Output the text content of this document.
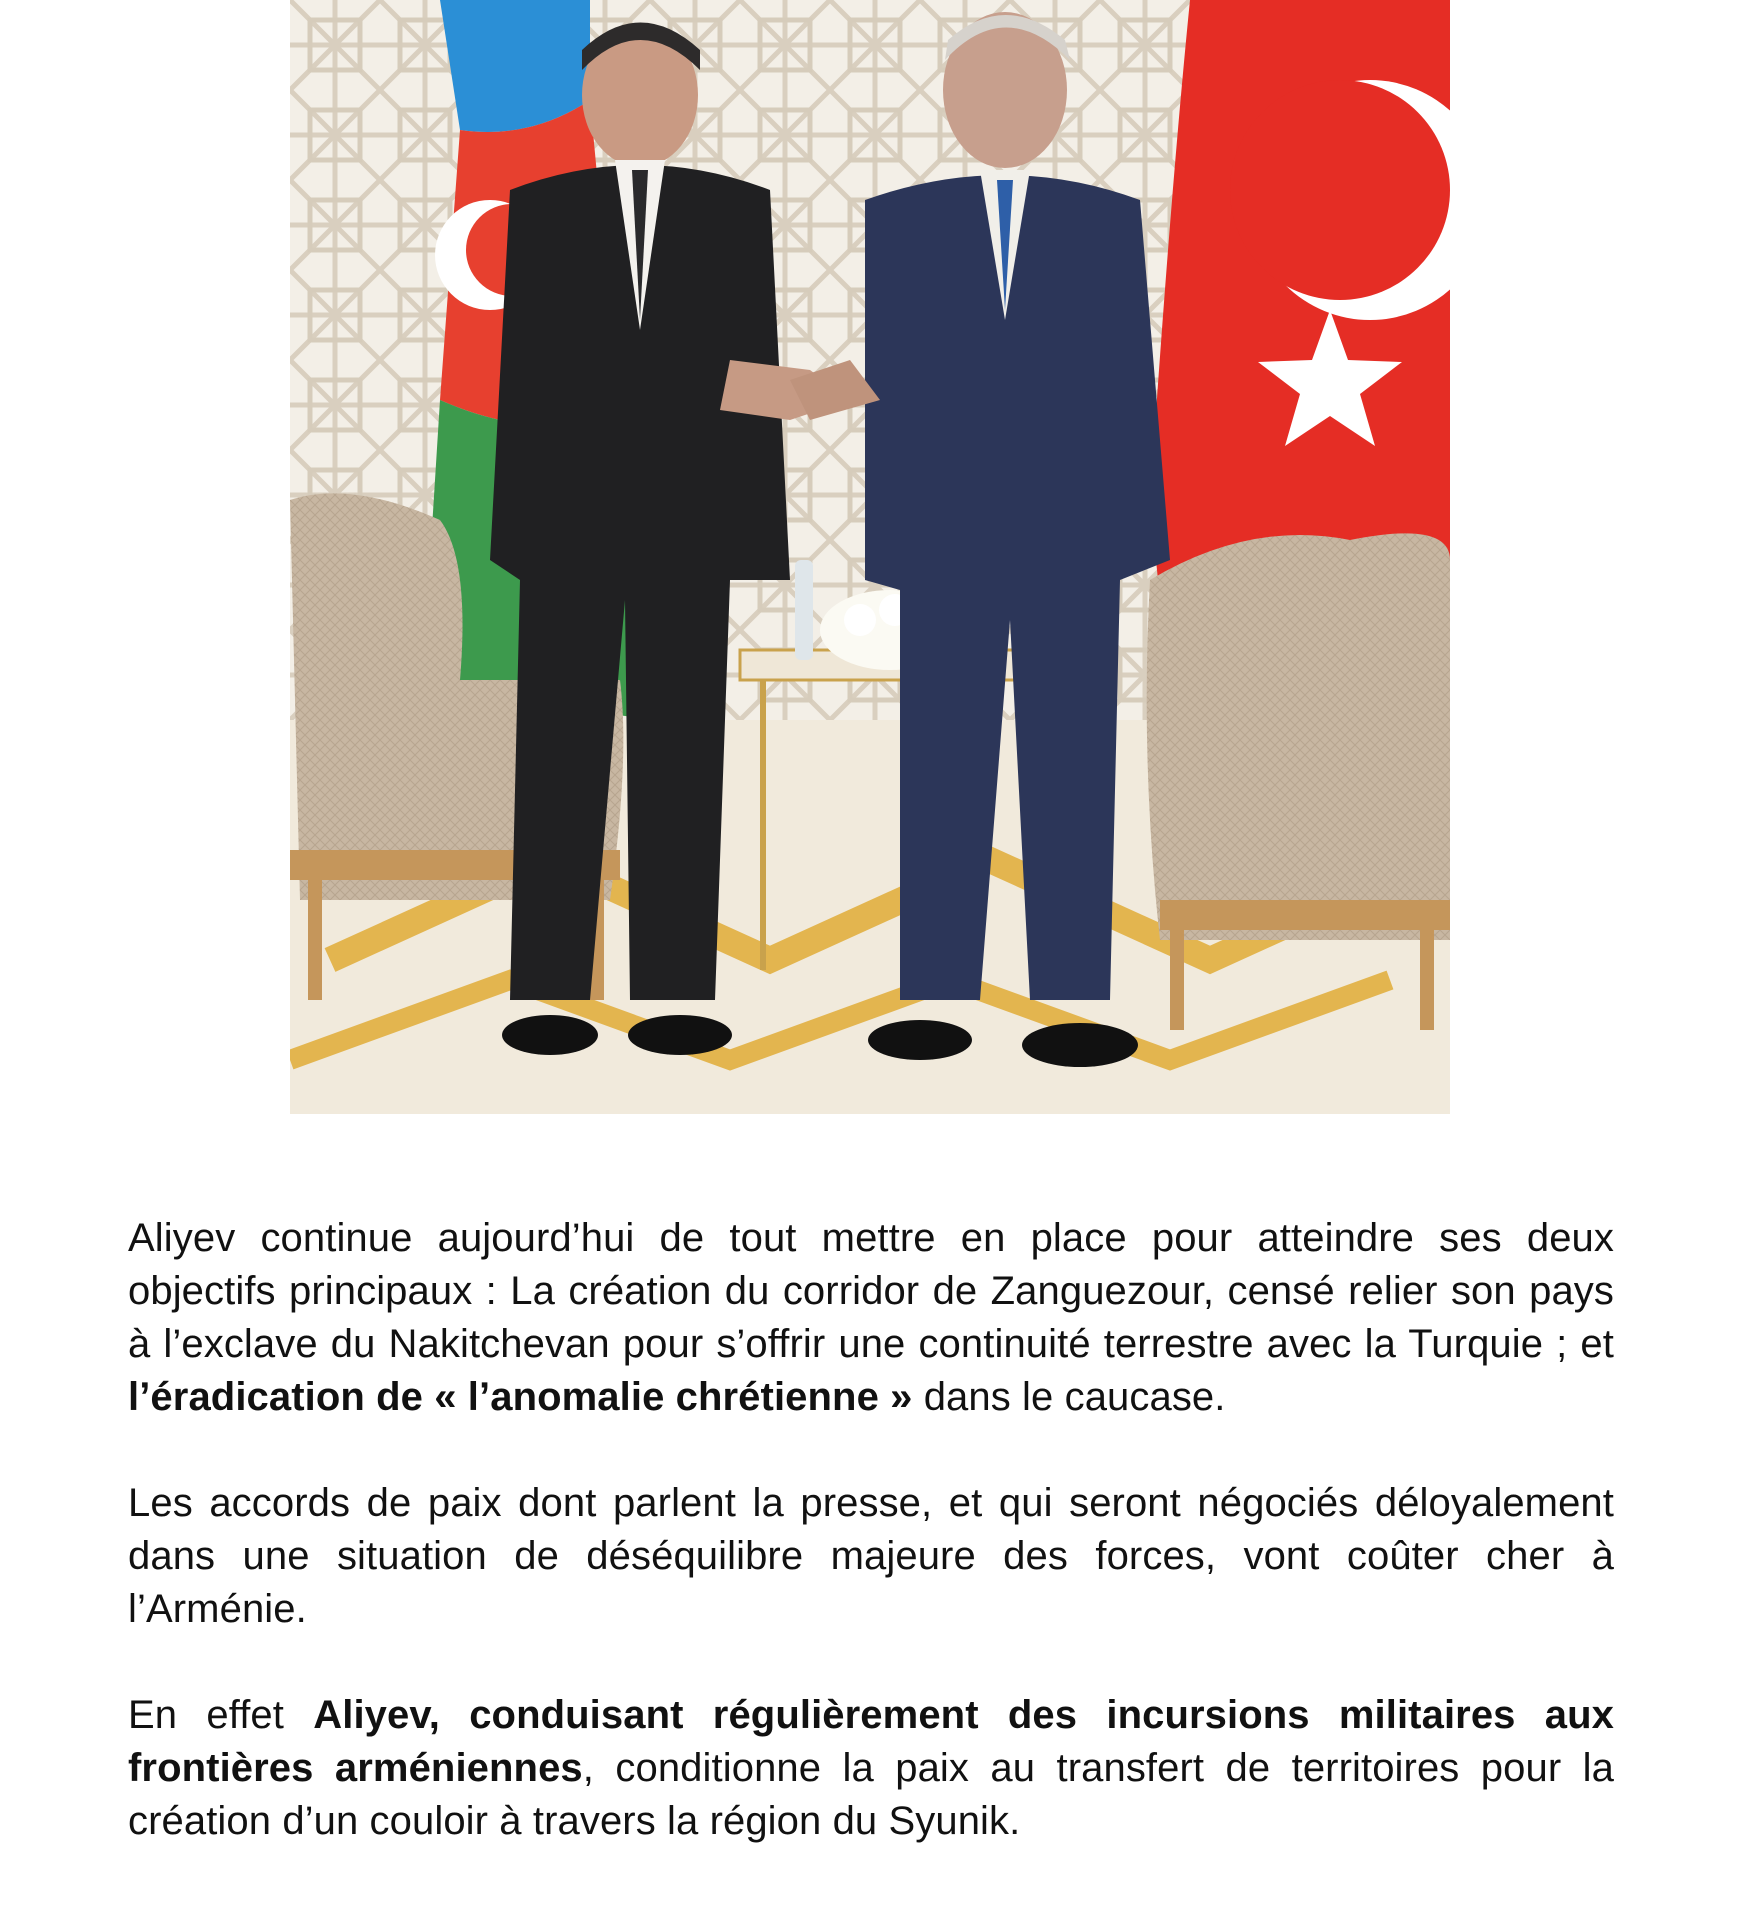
Aliyev continue aujourd’hui de tout mettre en place pour atteindre ses deux objectifs principaux : La création du corridor de Zanguezour, censé relier son pays à l’exclave du Nakitchevan pour s’offrir une continuité terrestre avec la Turquie ; et l’éradication de « l’anomalie chrétienne » dans le caucase.

Les accords de paix dont parlent la presse, et qui seront négociés déloyalement dans une situation de déséquilibre majeure des forces, vont coûter cher à l’Arménie.

En effet Aliyev, conduisant régulièrement des incursions militaires aux frontières arméniennes, conditionne la paix au transfert de territoires pour la création d’un couloir à travers la région du Syunik.
